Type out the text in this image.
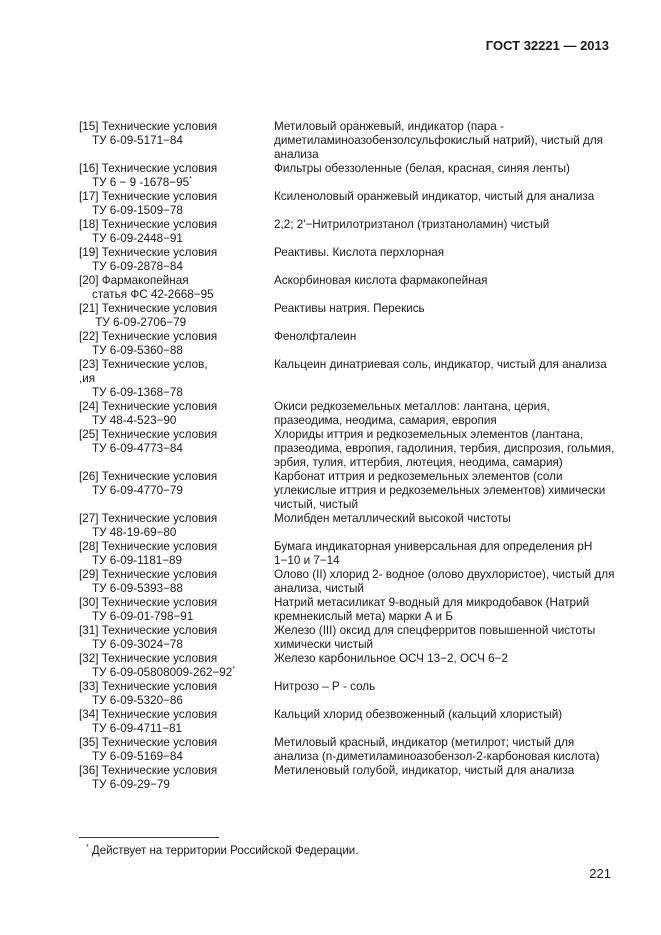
ГОСТ 32221 — 2013
[15] Технические условия
ТУ 6-09-5171−84
Метиловый оранжевый, индикатор (пара - диметиламиноазобензолсульфокислый натрий), чистый для анализа
[16] Технические условия
ТУ 6 − 9 -1678−95*
Фильтры обеззоленные (белая, красная, синяя ленты)
[17] Технические условия
ТУ 6-09-1509−78
Ксиленоловый оранжевый индикатор, чистый для анализа
[18] Технические условия
ТУ 6-09-2448−91
2,2; 2'−Нитрилотризтанол (тризтаноламин) чистый
[19] Технические условия
ТУ 6-09-2878−84
Реактивы. Кислота перхлорная
[20] Фармакопейная
статья ФС 42-2668−95
Аскорбиновая кислота фармакопейная
[21] Технические условия
ТУ 6-09-2706−79
Реактивы натрия. Перекись
[22] Технические условия
ТУ 6-09-5360−88
Фенолфталеин
[23] Технические услов,
,ия
ТУ 6-09-1368−78
Кальцеин динатриевая соль, индикатор, чистый для анализа
[24] Технические условия
ТУ 48-4-523−90
Окиси редкоземельных металлов: лантана, церия, празеодима, неодима, самария, европия
[25] Технические условия
ТУ 6-09-4773−84
Хлориды иттрия и редкоземельных элементов (лантана, празеодима, европия, гадолиния, тербия, диспрозия, гольмия, эрбия, тулия, иттербия, лютеция, неодима, самария)
[26] Технические условия
ТУ 6-09-4770−79
Карбонат иттрия и редкоземельных элементов (соли углекислые иттрия и редкоземельных элементов) химически чистый, чистый
[27] Технические условия
ТУ 48-19-69−80
Молибден металлический высокой чистоты
[28] Технические условия
ТУ 6-09-1181−89
Бумага индикаторная универсальная для определения pH 1−10 и 7−14
[29] Технические условия
ТУ 6-09-5393−88
Олово (II) хлорид 2- водное (олово двухлористое), чистый для анализа, чистый
[30] Технические условия
ТУ 6-09-01-798−91
Натрий метасиликат 9-водный для микродобавок (Натрий кремнекислый мета) марки А и Б
[31] Технические условия
ТУ 6-09-3024−78
Железо (III) оксид для спецферритов повышенной чистоты химически чистый
[32] Технические условия
ТУ 6-09-05808009-262−92*
Железо карбонильное ОСЧ 13−2, ОСЧ 6−2
[33] Технические условия
ТУ 6-09-5320−86
Нитрозо – Р - соль
[34] Технические условия
ТУ 6-09-4711−81
Кальций хлорид обезвоженный (кальций хлористый)
[35] Технические условия
ТУ 6-09-5169−84
Метиловый красный, индикатор (метилрот; чистый для анализа (n-диметиламиноазобензол-2-карбоновая кислота)
[36] Технические условия
ТУ 6-09-29−79
Метиленовый голубой, индикатор, чистый для анализа
* Действует на территории Российской Федерации.
221
